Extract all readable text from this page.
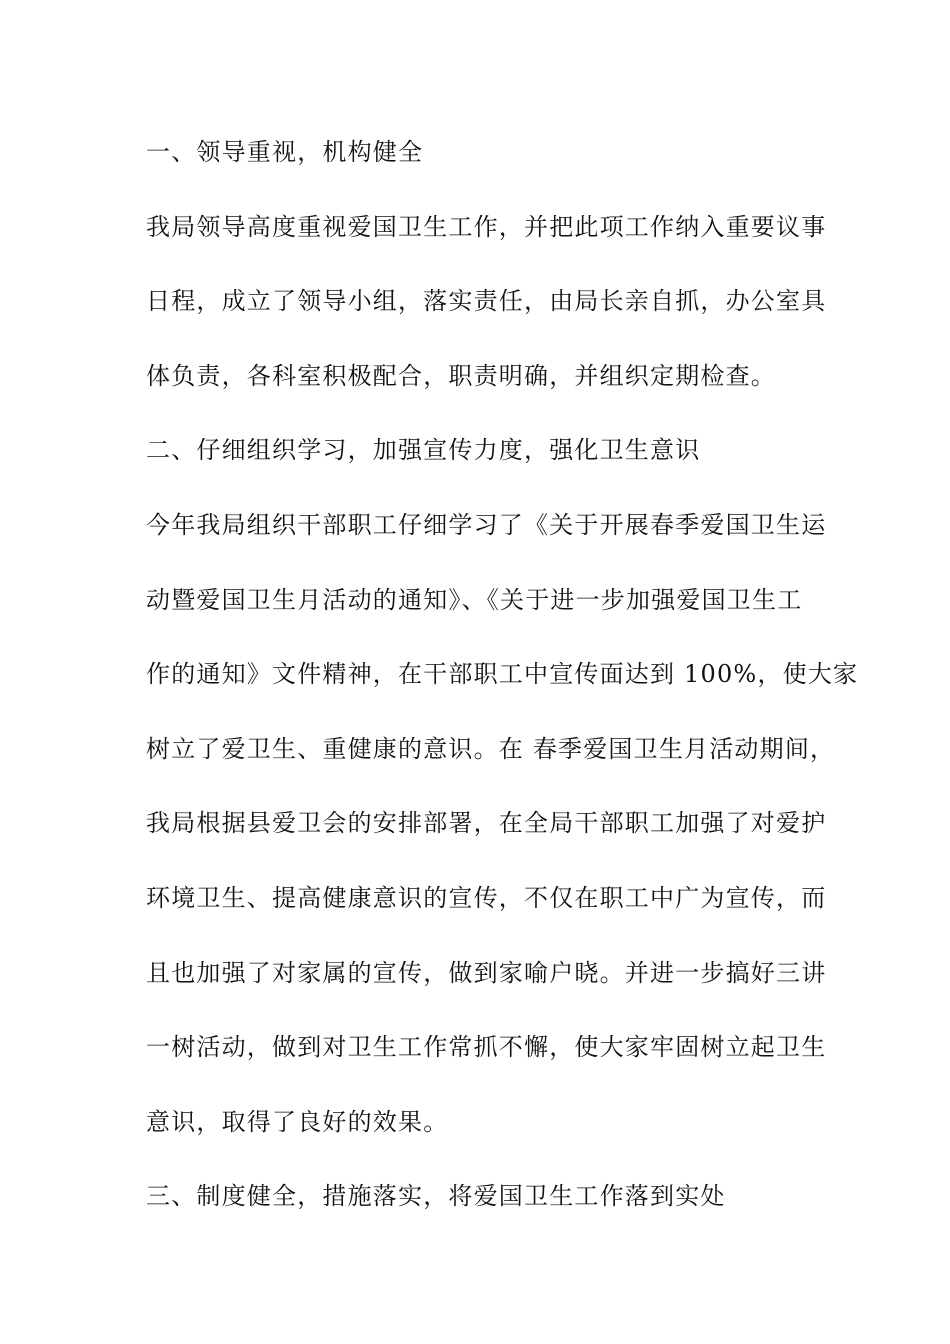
一、领导重视，机构健全
我局领导高度重视爱国卫生工作，并把此项工作纳入重要议事
日程，成立了领导小组，落实责任，由局长亲自抓，办公室具
体负责，各科室积极配合，职责明确，并组织定期检查。
二、仔细组织学习，加强宣传力度，强化卫生意识
今年我局组织干部职工仔细学习了《关于开展春季爱国卫生运
动暨爱国卫生月活动的通知》、《关于进一步加强爱国卫生工
作的通知》文件精神，在干部职工中宣传面达到 100%，使大家
树立了爱卫生、重健康的意识。在 春季爱国卫生月活动期间，
我局根据县爱卫会的安排部署，在全局干部职工加强了对爱护
环境卫生、提高健康意识的宣传，不仅在职工中广为宣传，而
且也加强了对家属的宣传，做到家喻户晓。并进一步搞好三讲
一树活动，做到对卫生工作常抓不懈，使大家牢固树立起卫生
意识，取得了良好的效果。
三、制度健全，措施落实，将爱国卫生工作落到实处
